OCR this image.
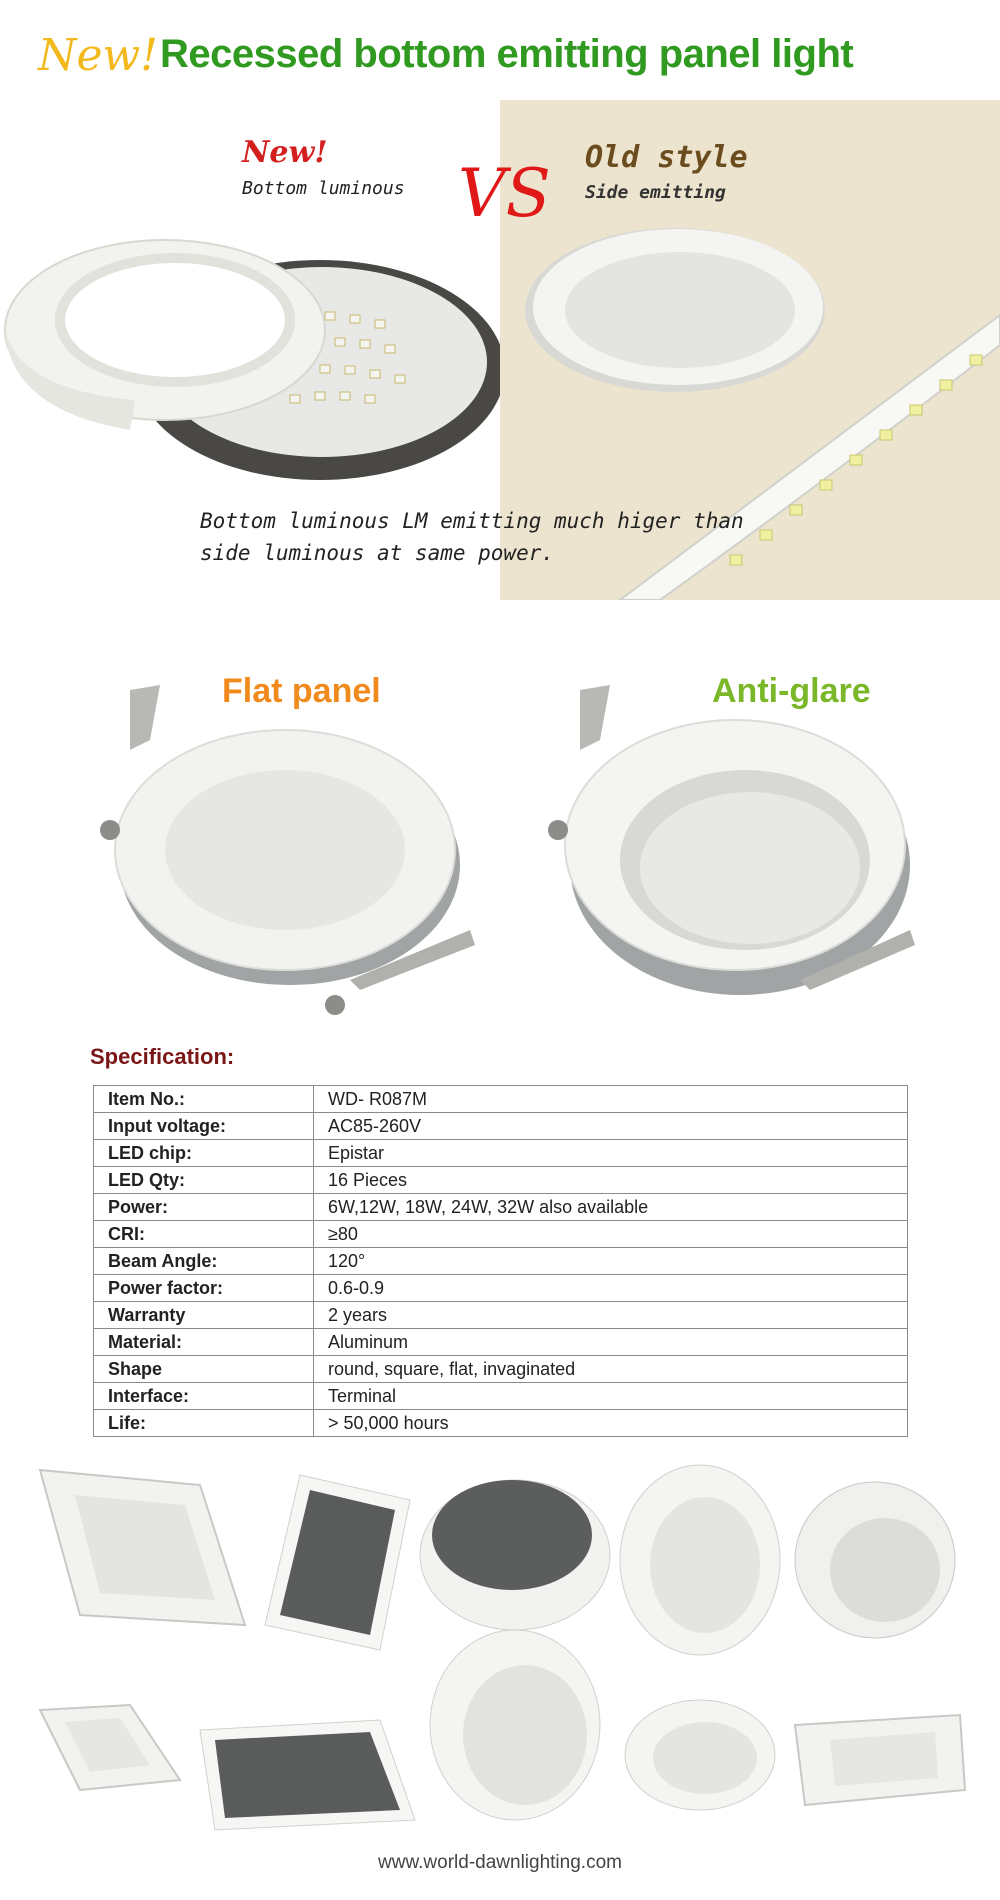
New! Recessed bottom emitting panel light
New!
Bottom luminous VS Old style
Side emitting
Bottom luminous LM emitting much higer than
side luminous at same power.
Flat panel	Anti-glare
Specification:
Item No.:	WD- R087M
Input voltage:	AC85-260V
LED chip:	Epistar
LED Qty:	16 Pieces
Power:	6W,12W, 18W, 24W, 32W also available
CRI:	≥80
Beam Angle:	120°
Power factor:	0.6-0.9
Warranty	2 years
Material:	Aluminum
Shape	round, square, flat, invaginated
Interface:	Terminal
Life:	> 50,000 hours
www.world-dawnlighting.com
